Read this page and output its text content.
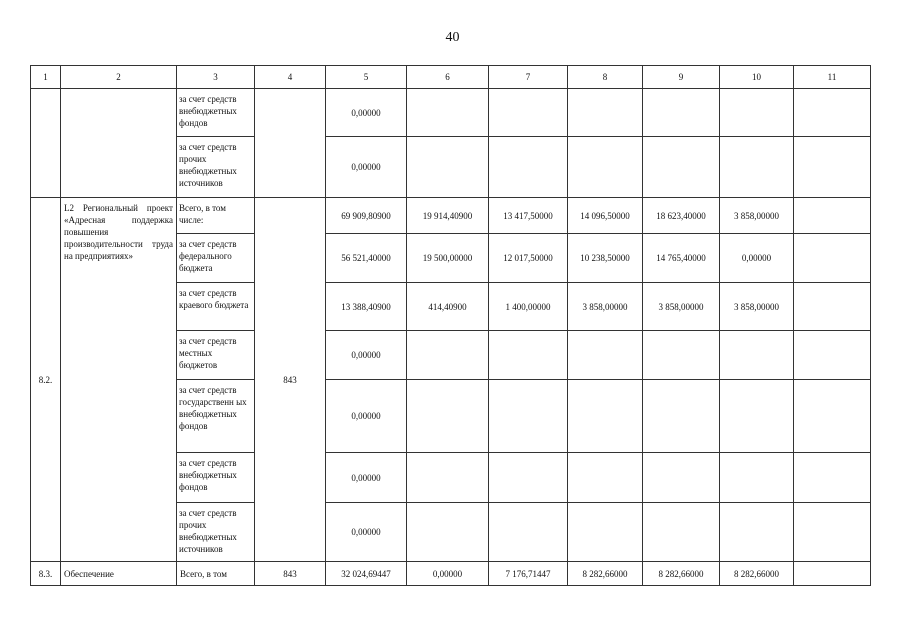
40
1	2	3	4	5	6	7	8	9	10	11
		за счет средств внебюджетных фондов		0,00000						
		за счет средств прочих внебюджетных источников		0,00000						
8.2.	L2 Региональный проект «Адресная поддержка повышения производительности труда на предприятиях»	Всего, в том числе:	843	69 909,80900	19 914,40900	13 417,50000	14 096,50000	18 623,40000	3 858,00000	
		за счет средств федерального бюджета		56 521,40000	19 500,00000	12 017,50000	10 238,50000	14 765,40000	0,00000	
		за счет средств краевого бюджета		13 388,40900	414,40900	1 400,00000	3 858,00000	3 858,00000	3 858,00000	
		за счет средств местных бюджетов		0,00000						
		за счет средств государственн ых внебюджетных фондов		0,00000						
		за счет средств внебюджетных фондов		0,00000						
		за счет средств прочих внебюджетных источников		0,00000						
8.3.	Обеспечение	Всего, в том	843	32 024,69447	0,00000	7 176,71447	8 282,66000	8 282,66000	8 282,66000	
